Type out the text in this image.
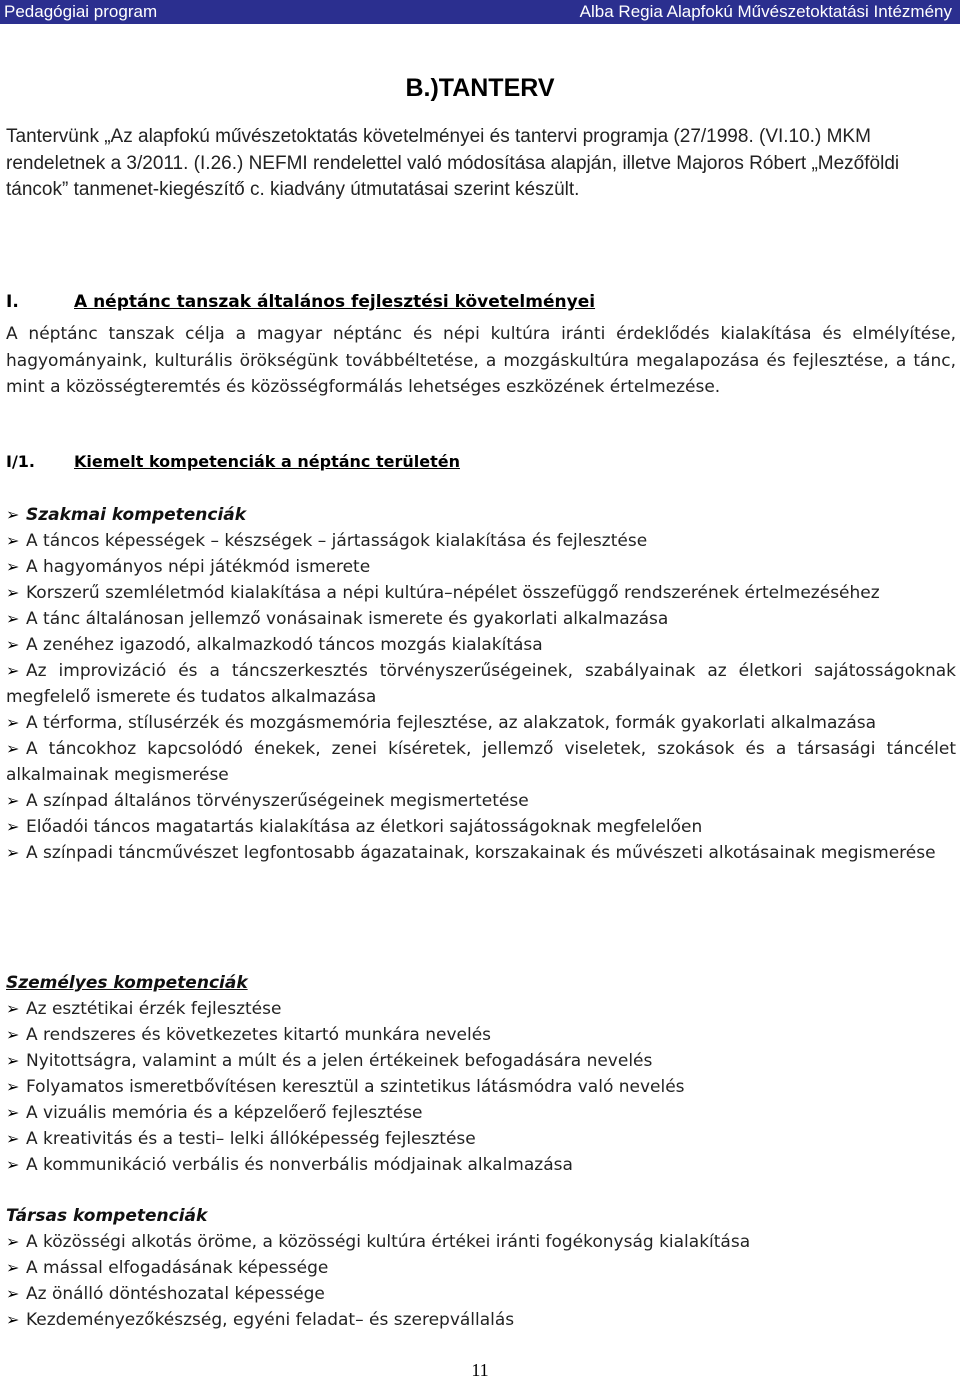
Pedagógiai program	Alba Regia Alapfokú Művészetoktatási Intézmény
B.)TANTERV
Tantervünk „Az alapfokú művészetoktatás követelményei és tantervi programja (27/1998. (VI.10.) MKM rendeletnek a 3/2011. (I.26.) NEFMI rendelettel való módosítása alapján, illetve Majoros Róbert „Mezőföldi táncok” tanmenet-kiegészítő c. kiadvány útmutatásai szerint készült.
I.	A néptánc tanszak általános fejlesztési követelményei
A néptánc tanszak célja a magyar néptánc és népi kultúra iránti érdeklődés kialakítása és elmélyítése, hagyományaink, kulturális örökségünk továbbéltetése, a mozgáskultúra megalapozása és fejlesztése, a tánc, mint a közösségteremtés és közösségformálás lehetséges eszközének értelmezése.
I/1. Kiemelt kompetenciák a néptánc területén
➢ Szakmai kompetenciák
➢ A táncos képességek – készségek – jártasságok kialakítása és fejlesztése
➢ A hagyományos népi játékmód ismerete
➢ Korszerű szemléletmód kialakítása a népi kultúra–népélet összefüggő rendszerének értelmezéséhez
➢ A tánc általánosan jellemző vonásainak ismerete és gyakorlati alkalmazása
➢ A zenéhez igazodó, alkalmazkodó táncos mozgás kialakítása
➢ Az improvizáció és a táncszerkesztés törvényszerűségeinek, szabályainak az életkori sajátosságoknak megfelelő ismerete és tudatos alkalmazása
➢ A térforma, stílusérzék és mozgásmemória fejlesztése, az alakzatok, formák gyakorlati alkalmazása
➢ A táncokhoz kapcsolódó énekek, zenei kíséretek, jellemző viseletek, szokások és a társasági táncélet alkalmainak megismerése
➢ A színpad általános törvényszerűségeinek megismertetése
➢ Előadói táncos magatartás kialakítása az életkori sajátosságoknak megfelelően
➢ A színpadi táncművészet legfontosabb ágazatainak, korszakainak és művészeti alkotásainak megismerése
Személyes kompetenciák
➢ Az esztétikai érzék fejlesztése
➢ A rendszeres és következetes kitartó munkára nevelés
➢ Nyitottságra, valamint a múlt és a jelen értékeinek befogadására nevelés
➢ Folyamatos ismeretbővítésen keresztül a szintetikus látásmódra való nevelés
➢ A vizuális memória és a képzelőerő fejlesztése
➢ A kreativitás és a testi– lelki állóképesség fejlesztése
➢ A kommunikáció verbális és nonverbális módjainak alkalmazása
Társas kompetenciák
➢ A közösségi alkotás öröme, a közösségi kultúra értékei iránti fogékonyság kialakítása
➢ A mással elfogadásának képessége
➢ Az önálló döntéshozatal képessége
➢ Kezdeményezőkészség, egyéni feladat– és szerepvállalás
11
